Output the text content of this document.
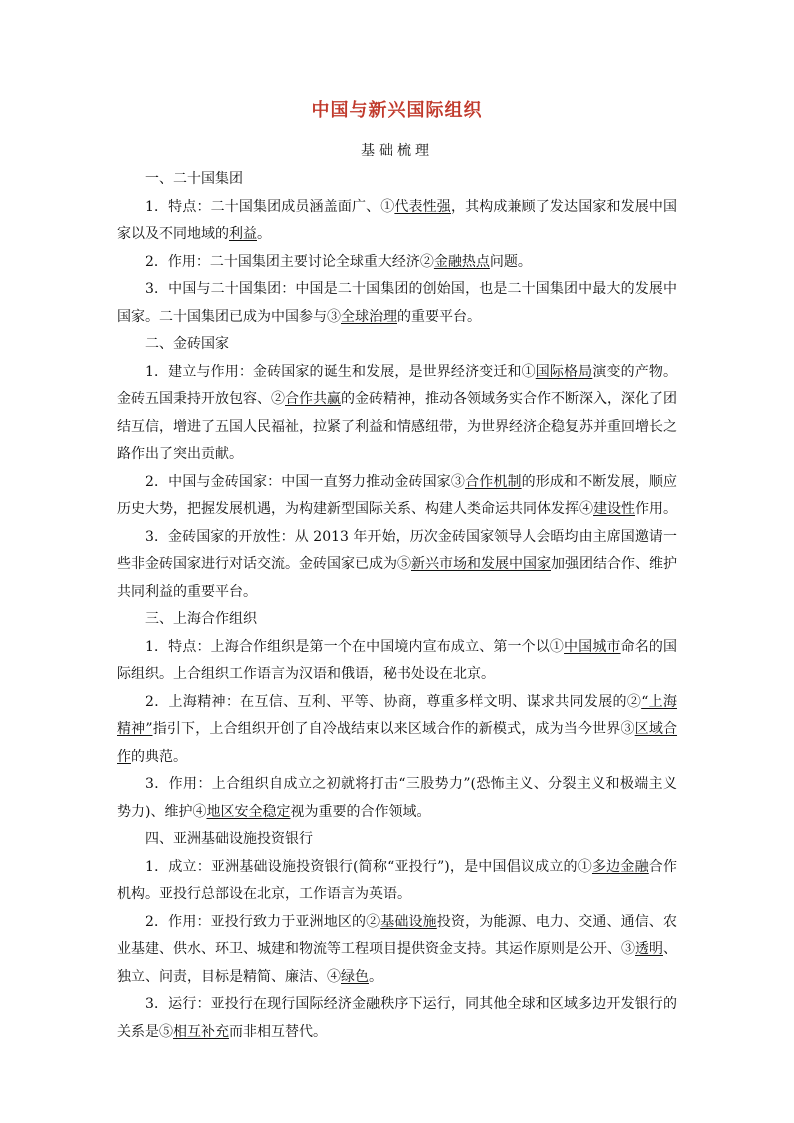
中国与新兴国际组织
基础梳理
一、二十国集团

1．特点：二十国集团成员涵盖面广、①代表性强，其构成兼顾了发达国家和发展中国家以及不同地域的利益。

2．作用：二十国集团主要讨论全球重大经济②金融热点问题。

3．中国与二十国集团：中国是二十国集团的创始国，也是二十国集团中最大的发展中国家。二十国集团已成为中国参与③全球治理的重要平台。

二、金砖国家

1．建立与作用：金砖国家的诞生和发展，是世界经济变迁和①国际格局演变的产物。金砖五国秉持开放包容、②合作共赢的金砖精神，推动各领域务实合作不断深入，深化了团结互信，增进了五国人民福祉，拉紧了利益和情感纽带，为世界经济企稳复苏并重回增长之路作出了突出贡献。

2．中国与金砖国家：中国一直努力推动金砖国家③合作机制的形成和不断发展，顺应历史大势，把握发展机遇，为构建新型国际关系、构建人类命运共同体发挥④建设性作用。

3．金砖国家的开放性：从 2013 年开始，历次金砖国家领导人会晤均由主席国邀请一些非金砖国家进行对话交流。金砖国家已成为⑤新兴市场和发展中国家加强团结合作、维护共同利益的重要平台。

三、上海合作组织

1．特点：上海合作组织是第一个在中国境内宣布成立、第一个以①中国城市命名的国际组织。上合组织工作语言为汉语和俄语，秘书处设在北京。

2．上海精神：在互信、互利、平等、协商，尊重多样文明、谋求共同发展的②“上海精神”指引下，上合组织开创了自冷战结束以来区域合作的新模式，成为当今世界③区域合作的典范。

3．作用：上合组织自成立之初就将打击“三股势力”(恐怖主义、分裂主义和极端主义势力)、维护④地区安全稳定视为重要的合作领域。

四、亚洲基础设施投资银行

1．成立：亚洲基础设施投资银行(简称“亚投行”)，是中国倡议成立的①多边金融合作机构。亚投行总部设在北京，工作语言为英语。

2．作用：亚投行致力于亚洲地区的②基础设施投资，为能源、电力、交通、通信、农业基建、供水、环卫、城建和物流等工程项目提供资金支持。其运作原则是公开、③透明、独立、问责，目标是精简、廉洁、④绿色。

3．运行：亚投行在现行国际经济金融秩序下运行，同其他全球和区域多边开发银行的关系是⑤相互补充而非相互替代。
